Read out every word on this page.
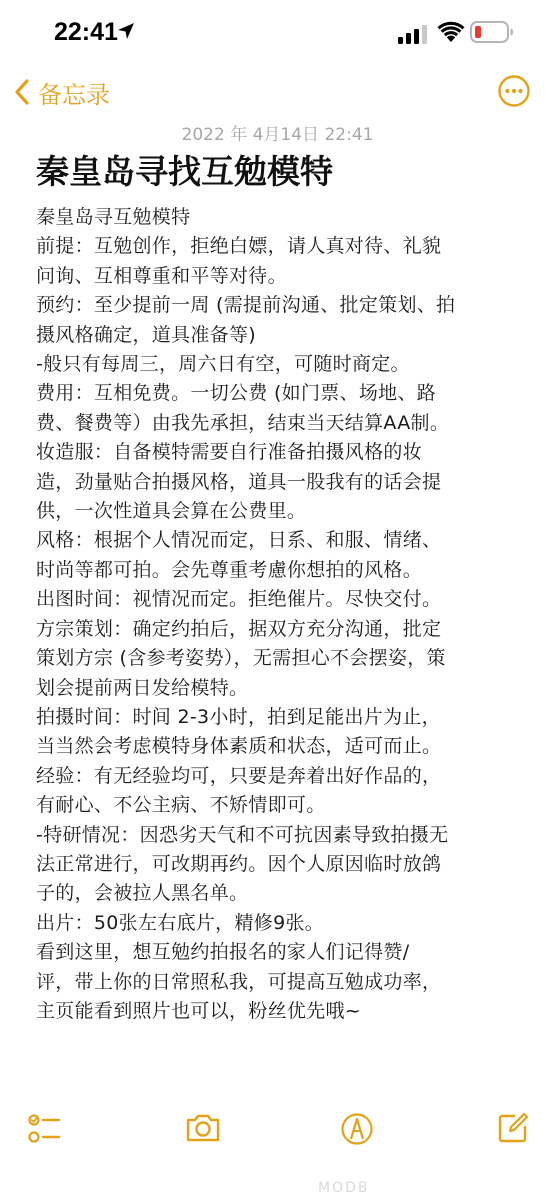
22:41
备忘录
2022 年 4月14日 22:41
秦皇岛寻找互勉模特
秦皇岛寻互勉模特
前提：互勉创作，拒绝白嫖，请人真对待、礼貌
问询、互相尊重和平等对待。
预约：至少提前一周 (需提前沟通、批定策划、拍
摄风格确定，道具准备等)
-般只有每周三，周六日有空，可随时商定。
费用：互相免费。一切公费 (如门票、场地、路
费、餐费等）由我先承担，结束当天结算AA制。
妆造服：自备模特需要自行准备拍摄风格的妆
造，劲量贴合拍摄风格，道具一股我有的话会提
供，一次性道具会算在公费里。
风格：根据个人情况而定，日系、和服、情绪、
时尚等都可拍。会先尊重考慮你想拍的风格。
出图时间：视情况而定。拒绝催片。尽快交付。
方宗策划：确定约拍后，据双方充分沟通，批定
策划方宗 (含参考姿势），无需担心不会摆姿，策
划会提前两日发给模特。
拍摄时间：时间 2-3小时，拍到足能出片为止，
当当然会考虑模特身体素质和状态，适可而止。
经验：有无经验均可，只要是奔着出好作品的，
有耐心、不公主病、不矫情即可。
-特研情况：因恐劣天气和不可抗因素导致拍摄无
法正常进行，可改期再约。因个人原因临时放鸽
子的，会被拉人黑名单。
出片：50张左右底片，精修9张。
看到这里，想互勉约拍报名的家人们记得赞/
评，带上你的日常照私我，可提高互勉成功率，
主页能看到照片也可以，粉丝优先哦~
MODB
